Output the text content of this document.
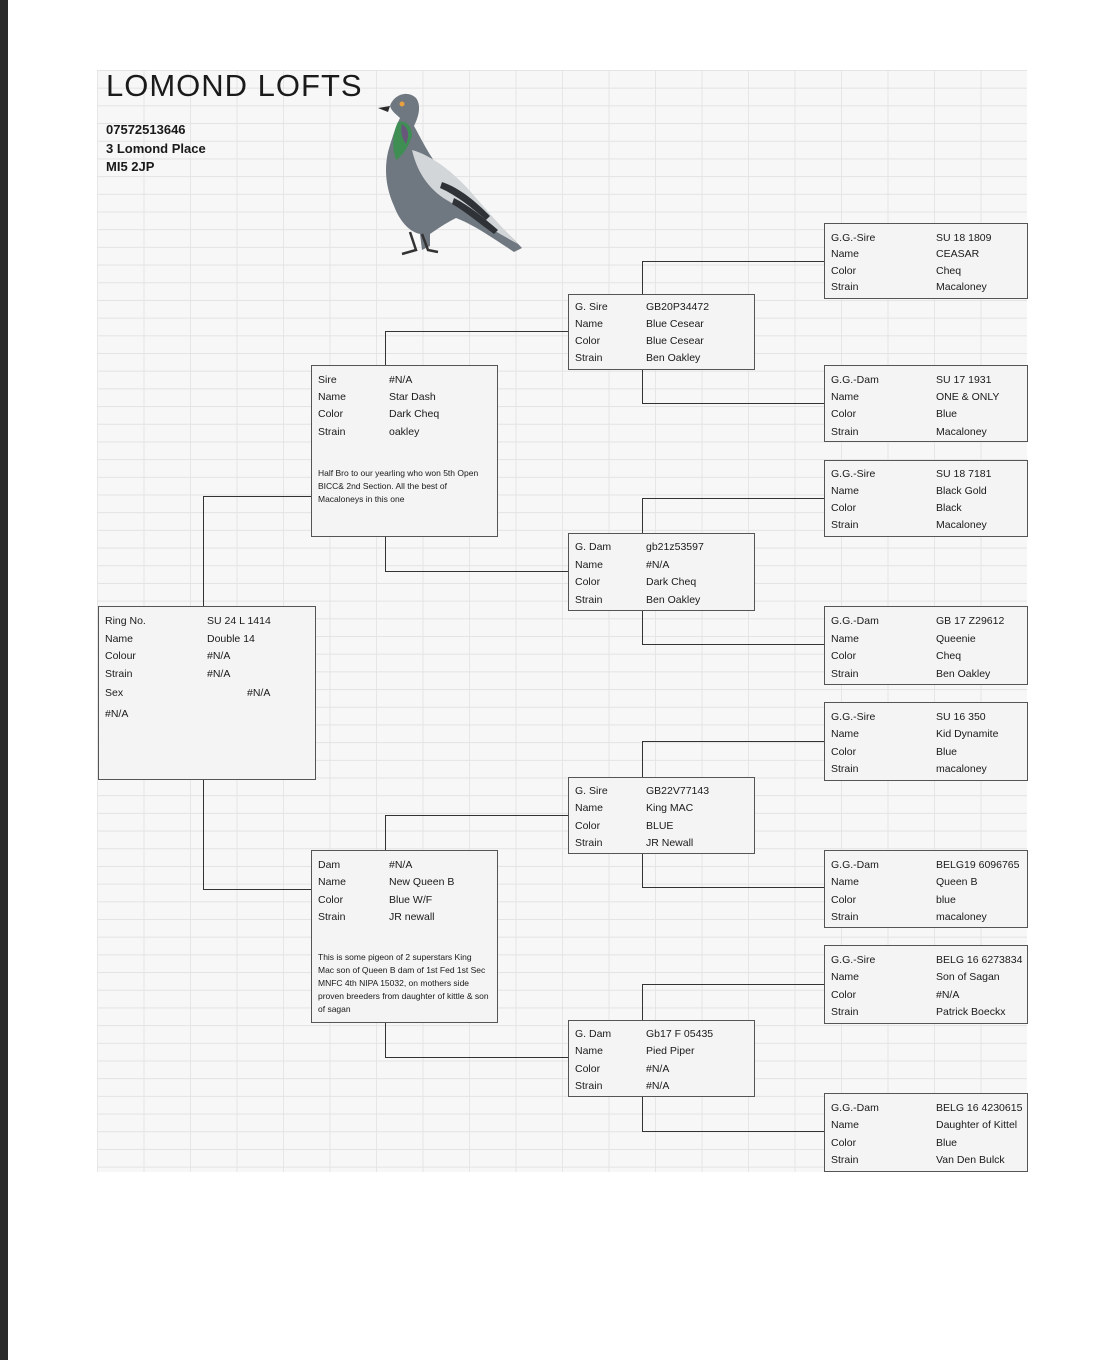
LOMOND LOFTS
07572513646
3 Lomond Place
MI5 2JP
Ring No.	SU 24 L 1414
Name	Double 14
Colour	#N/A
Strain	#N/A
Sex	#N/A
#N/A
Sire	#N/A
Name	Star Dash
Color	Dark Cheq
Strain	oakley
Half Bro to our yearling who won 5th Open BICC& 2nd Section. All the best of Macaloneys in this one
Dam	#N/A
Name	New Queen B
Color	Blue W/F
Strain	JR newall
This is some pigeon of 2 superstars King Mac son of Queen B dam of 1st Fed 1st Sec MNFC 4th NIPA 15032, on mothers side proven breeders from daughter of kittle & son of sagan
G. Sire	GB20P34472
Name	Blue Cesear
Color	Blue Cesear
Strain	Ben Oakley
G. Dam	gb21z53597
Name	#N/A
Color	Dark Cheq
Strain	Ben Oakley
G. Sire	GB22V77143
Name	King MAC
Color	BLUE
Strain	JR Newall
G. Dam	Gb17 F 05435
Name	Pied Piper
Color	#N/A
Strain	#N/A
G.G.-Sire	SU 18 1809
Name	CEASAR
Color	Cheq
Strain	Macaloney
G.G.-Dam	SU 17 1931
Name	ONE & ONLY
Color	Blue
Strain	Macaloney
G.G.-Sire	SU 18 7181
Name	Black Gold
Color	Black
Strain	Macaloney
G.G.-Dam	GB 17 Z29612
Name	Queenie
Color	Cheq
Strain	Ben Oakley
G.G.-Sire	SU 16 350
Name	Kid Dynamite
Color	Blue
Strain	macaloney
G.G.-Dam	BELG19 6096765
Name	Queen B
Color	blue
Strain	macaloney
G.G.-Sire	BELG 16 6273834
Name	Son of Sagan
Color	#N/A
Strain	Patrick Boeckx
G.G.-Dam	BELG 16 4230615
Name	Daughter of Kittel
Color	Blue
Strain	Van Den Bulck
